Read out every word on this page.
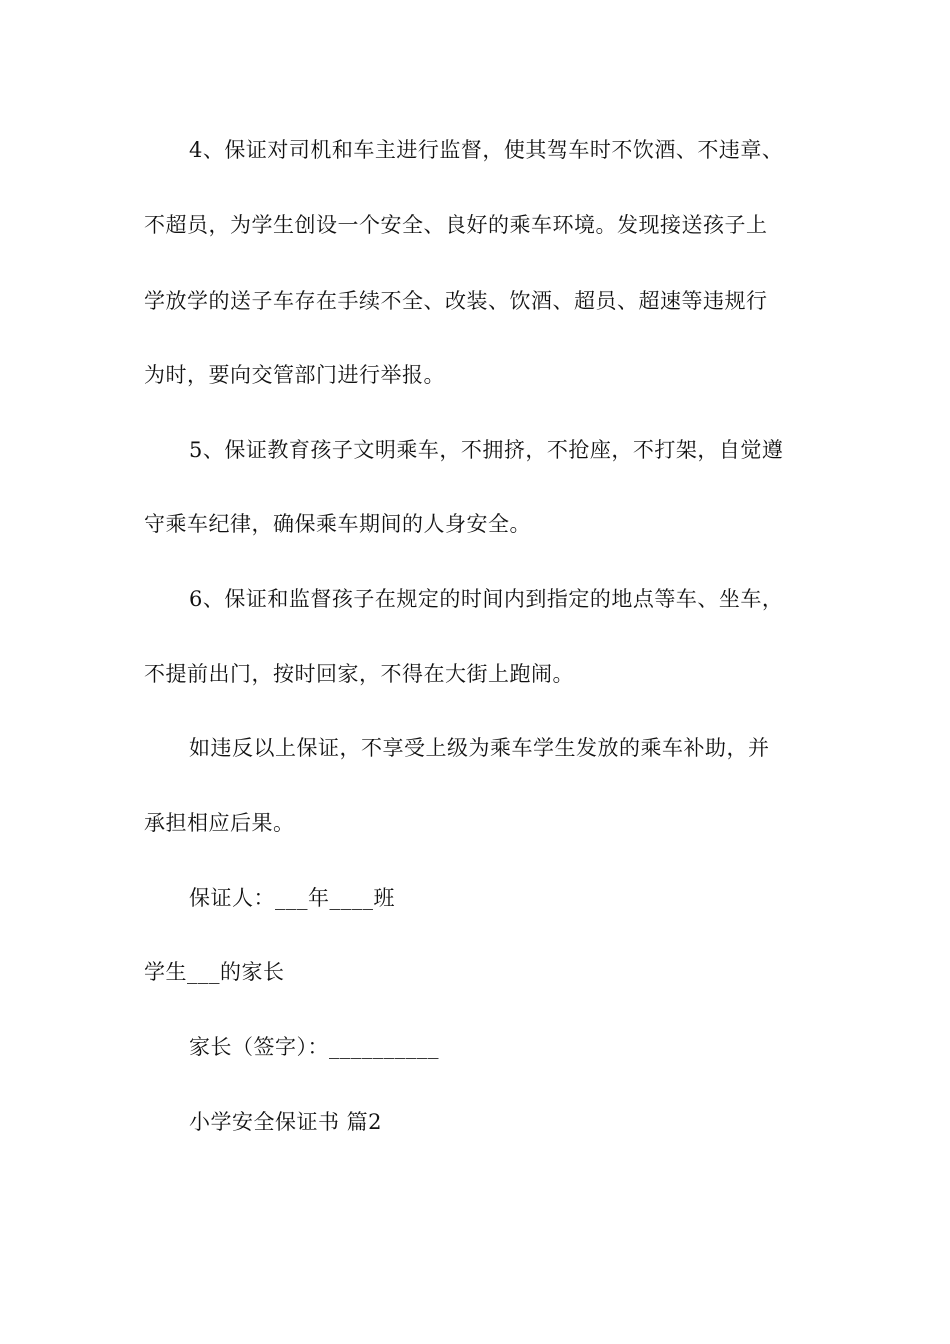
4、保证对司机和车主进行监督，使其驾车时不饮酒、不违章、
不超员，为学生创设一个安全、良好的乘车环境。发现接送孩子上
学放学的送子车存在手续不全、改装、饮酒、超员、超速等违规行
为时，要向交管部门进行举报。
5、保证教育孩子文明乘车，不拥挤，不抢座，不打架，自觉遵
守乘车纪律，确保乘车期间的人身安全。
6、保证和监督孩子在规定的时间内到指定的地点等车、坐车，
不提前出门，按时回家，不得在大街上跑闹。
如违反以上保证，不享受上级为乘车学生发放的乘车补助，并
承担相应后果。
保证人：___年____班
学生___的家长
家长（签字）：__________
小学安全保证书 篇2
